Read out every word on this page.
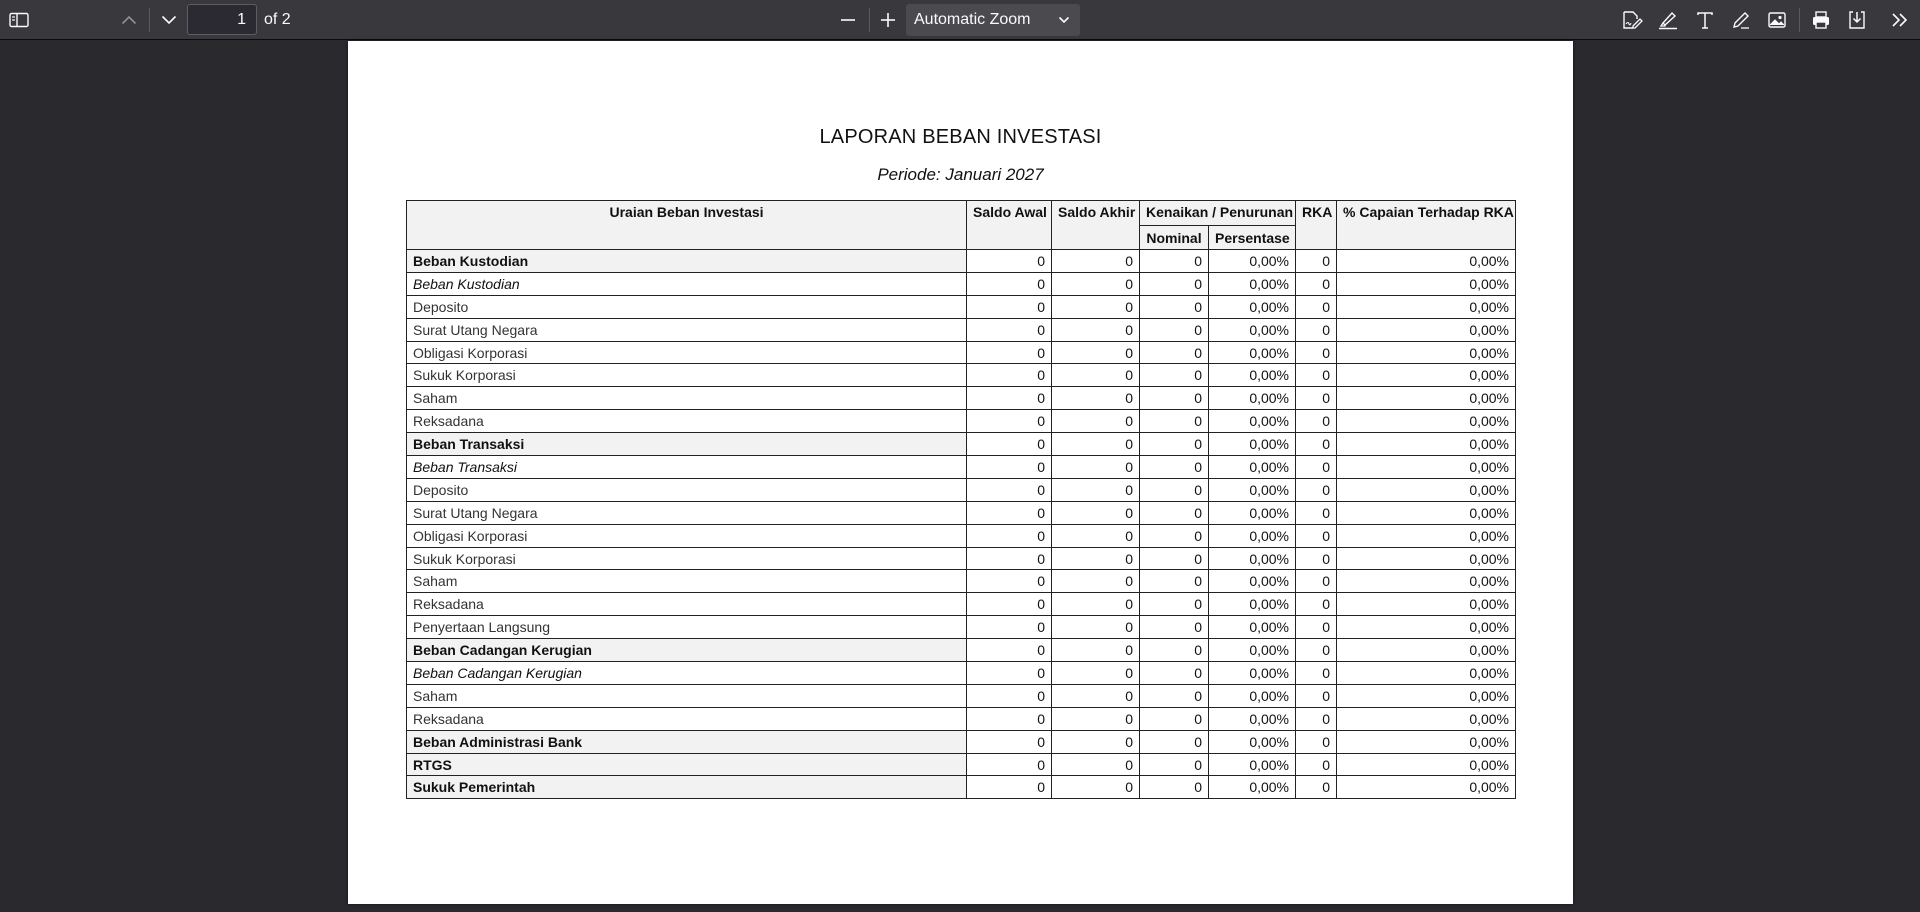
1	of 2	Automatic Zoom
LAPORAN BEBAN INVESTASI
Periode: Januari 2027
Uraian Beban Investasi	Saldo Awal	Saldo Akhir	Kenaikan / Penurunan		RKA	% Capaian Terhadap RKA
			Nominal	Persentase		
Beban Kustodian	0	0	0	0,00%	0	0,00%
Beban Kustodian	0	0	0	0,00%	0	0,00%
Deposito	0	0	0	0,00%	0	0,00%
Surat Utang Negara	0	0	0	0,00%	0	0,00%
Obligasi Korporasi	0	0	0	0,00%	0	0,00%
Sukuk Korporasi	0	0	0	0,00%	0	0,00%
Saham	0	0	0	0,00%	0	0,00%
Reksadana	0	0	0	0,00%	0	0,00%
Beban Transaksi	0	0	0	0,00%	0	0,00%
Beban Transaksi	0	0	0	0,00%	0	0,00%
Deposito	0	0	0	0,00%	0	0,00%
Surat Utang Negara	0	0	0	0,00%	0	0,00%
Obligasi Korporasi	0	0	0	0,00%	0	0,00%
Sukuk Korporasi	0	0	0	0,00%	0	0,00%
Saham	0	0	0	0,00%	0	0,00%
Reksadana	0	0	0	0,00%	0	0,00%
Penyertaan Langsung	0	0	0	0,00%	0	0,00%
Beban Cadangan Kerugian	0	0	0	0,00%	0	0,00%
Beban Cadangan Kerugian	0	0	0	0,00%	0	0,00%
Saham	0	0	0	0,00%	0	0,00%
Reksadana	0	0	0	0,00%	0	0,00%
Beban Administrasi Bank	0	0	0	0,00%	0	0,00%
RTGS	0	0	0	0,00%	0	0,00%
Sukuk Pemerintah	0	0	0	0,00%	0	0,00%
